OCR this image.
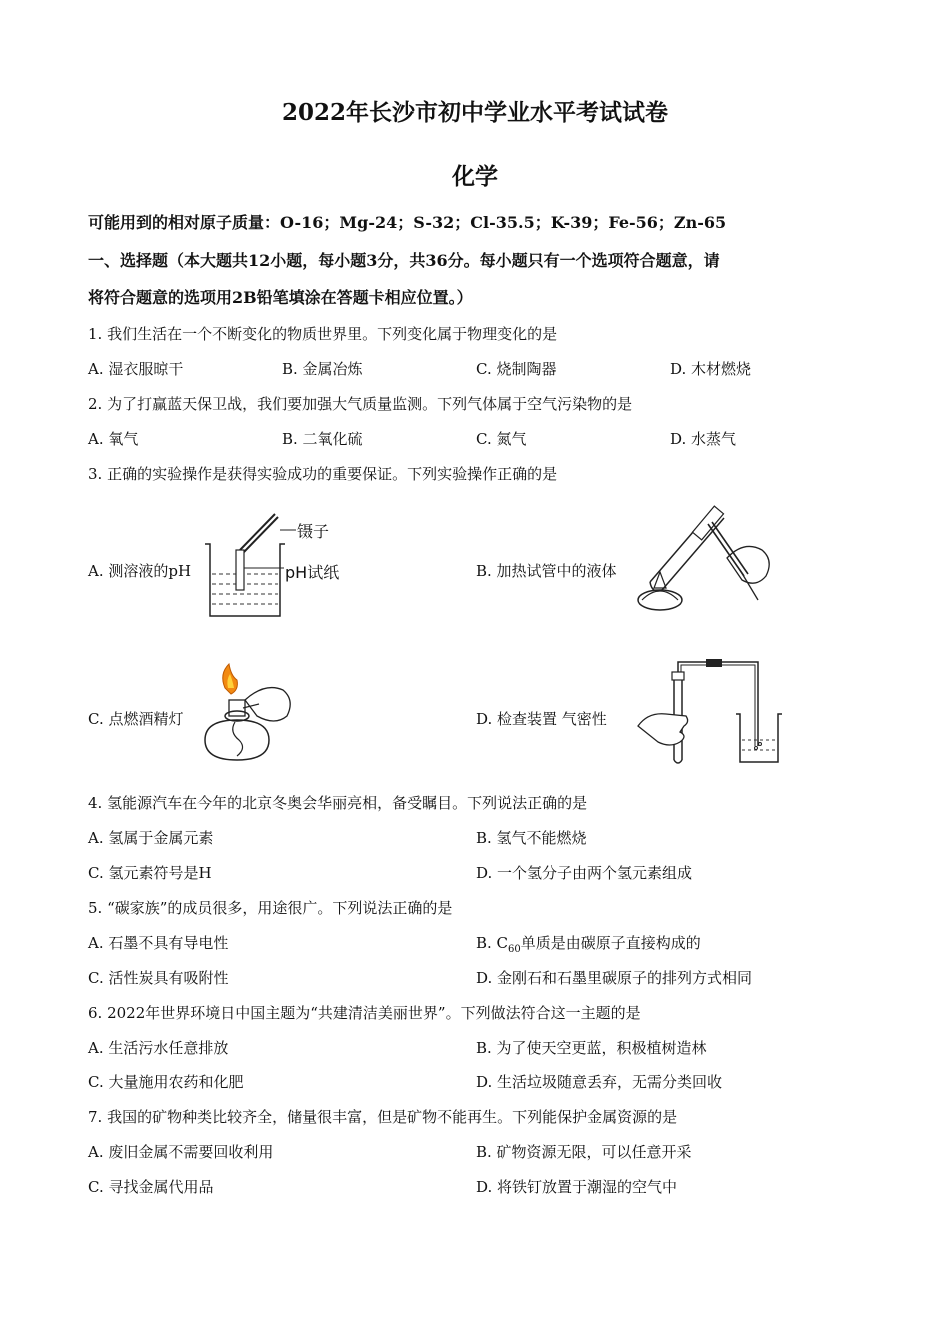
2022年长沙市初中学业水平考试试卷
化学
可能用到的相对原子质量：O-16；Mg-24；S-32；Cl-35.5；K-39；Fe-56；Zn-65
一、选择题（本大题共12小题，每小题3分，共36分。每小题只有一个选项符合题意，请
将符合题意的选项用2B铅笔填涂在答题卡相应位置。）
1. 我们生活在一个不断变化的物质世界里。下列变化属于物理变化的是
A. 湿衣服晾干	B. 金属冶炼	C. 烧制陶器	D. 木材燃烧
2. 为了打赢蓝天保卫战，我们要加强大气质量监测。下列气体属于空气污染物的是
A. 氧气	B. 二氧化硫	C. 氮气	D. 水蒸气
3. 正确的实验操作是获得实验成功的重要保证。下列实验操作正确的是
A. 测溶液的pH
镊子
pH试纸	B. 加热试管中的液体
C. 点燃酒精灯	D. 检查装置 气密性
4. 氢能源汽车在今年的北京冬奥会华丽亮相，备受瞩目。下列说法正确的是
A. 氢属于金属元素	B. 氢气不能燃烧
C. 氢元素符号是H	D. 一个氢分子由两个氢元素组成
5. “碳家族”的成员很多，用途很广。下列说法正确的是
A. 石墨不具有导电性	B. $C_{60}$单质是由碳原子直接构成的
C. 活性炭具有吸附性	D. 金刚石和石墨里碳原子的排列方式相同
6. 2022年世界环境日中国主题为“共建清洁美丽世界”。下列做法符合这一主题的是
A. 生活污水任意排放	B. 为了使天空更蓝，积极植树造林
C. 大量施用农药和化肥	D. 生活垃圾随意丢弃，无需分类回收
7. 我国的矿物种类比较齐全，储量很丰富，但是矿物不能再生。下列能保护金属资源的是
A. 废旧金属不需要回收利用	B. 矿物资源无限，可以任意开采
C. 寻找金属代用品	D. 将铁钉放置于潮湿的空气中
